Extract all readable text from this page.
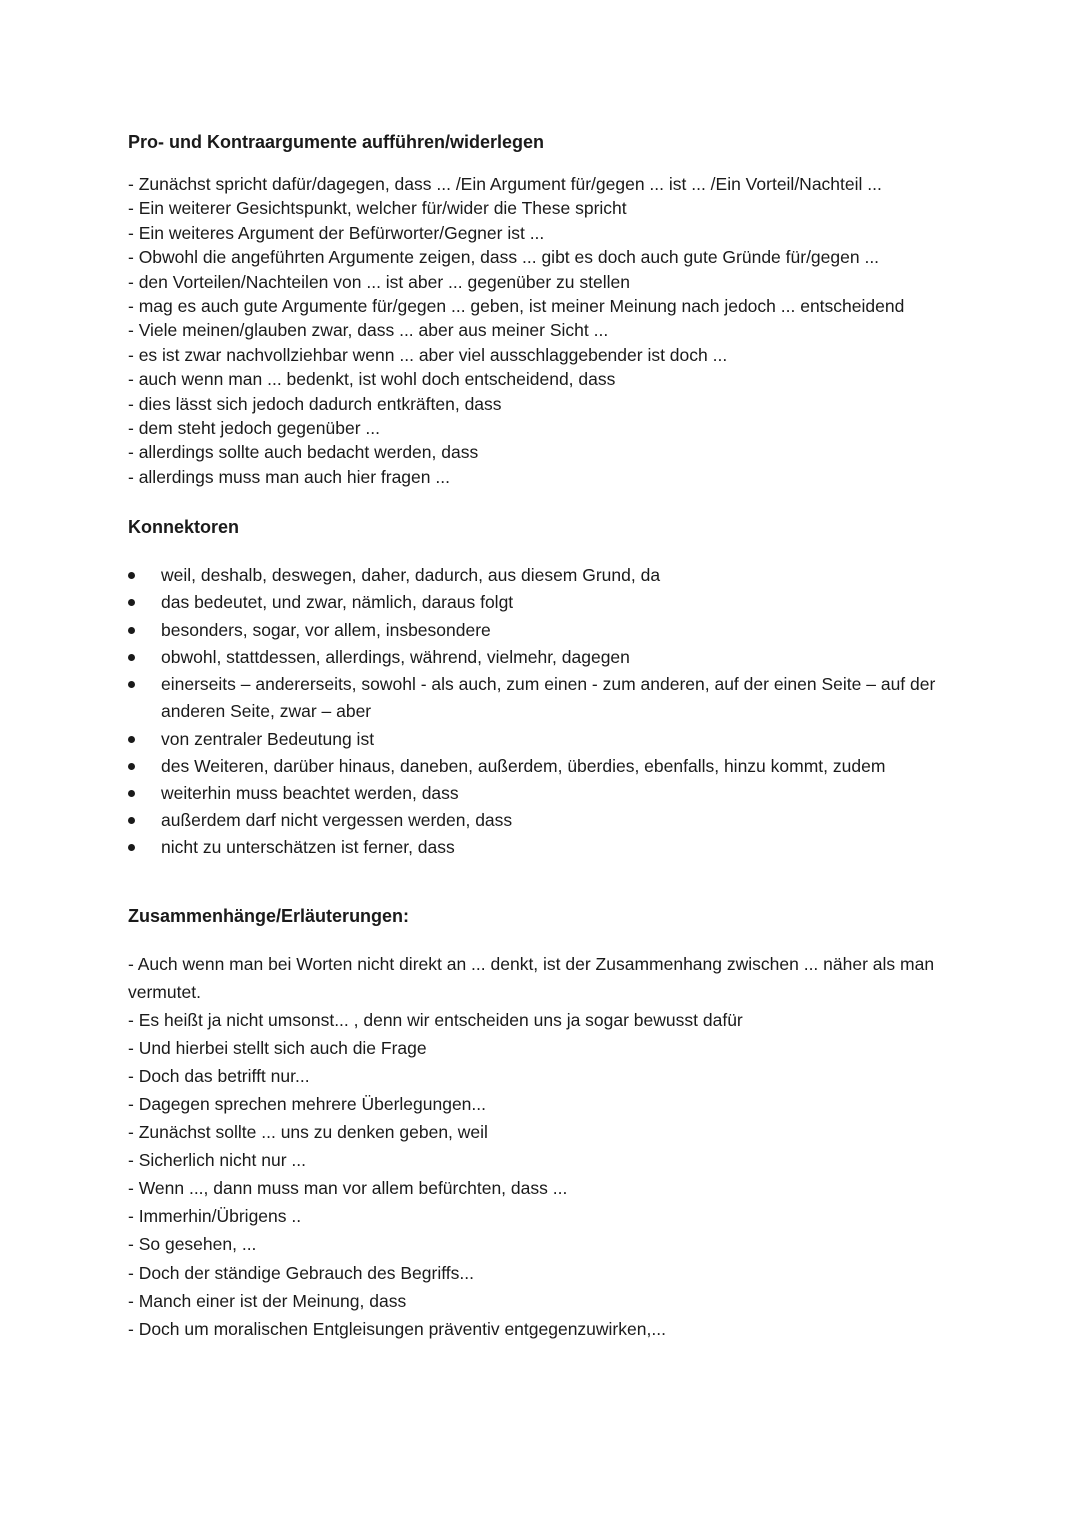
Pro- und Kontraargumente aufführen/widerlegen
- Zunächst spricht dafür/dagegen, dass ... /Ein Argument für/gegen ... ist ... /Ein Vorteil/Nachteil ...
- Ein weiterer Gesichtspunkt, welcher für/wider die These spricht
- Ein weiteres Argument der Befürworter/Gegner ist ...
- Obwohl die angeführten Argumente zeigen, dass ... gibt es doch auch gute Gründe für/gegen ...
- den Vorteilen/Nachteilen von ... ist aber ... gegenüber zu stellen
- mag es auch gute Argumente für/gegen ... geben, ist meiner Meinung nach jedoch ... entscheidend
- Viele meinen/glauben zwar, dass ... aber aus meiner Sicht ...
- es ist zwar nachvollziehbar wenn ... aber viel ausschlaggebender ist doch ...
- auch wenn man ... bedenkt, ist wohl doch entscheidend, dass
- dies lässt sich jedoch dadurch entkräften, dass
- dem steht jedoch gegenüber ...
- allerdings sollte auch bedacht werden, dass
- allerdings muss man auch hier fragen ...
Konnektoren
weil, deshalb, deswegen, daher, dadurch, aus diesem Grund, da
das bedeutet, und zwar, nämlich, daraus folgt
besonders, sogar, vor allem, insbesondere
obwohl, stattdessen, allerdings, während, vielmehr, dagegen
einerseits – andererseits, sowohl - als auch, zum einen - zum anderen, auf der einen Seite – auf der anderen Seite, zwar – aber
von zentraler Bedeutung ist
des Weiteren, darüber hinaus, daneben, außerdem, überdies, ebenfalls, hinzu kommt, zudem
weiterhin muss beachtet werden, dass
außerdem darf nicht vergessen werden, dass
nicht zu unterschätzen ist ferner, dass
Zusammenhänge/Erläuterungen:
- Auch wenn man bei Worten nicht direkt an ... denkt, ist der Zusammenhang zwischen ... näher als man vermutet.
- Es heißt ja nicht umsonst... , denn wir entscheiden uns ja sogar bewusst dafür
- Und hierbei stellt sich auch die Frage
- Doch das betrifft nur...
- Dagegen sprechen mehrere Überlegungen...
- Zunächst sollte ... uns zu denken geben, weil
- Sicherlich nicht nur ...
- Wenn ..., dann muss man vor allem befürchten, dass ...
- Immerhin/Übrigens ..
- So gesehen, ...
- Doch der ständige Gebrauch des Begriffs...
- Manch einer ist der Meinung, dass
- Doch um moralischen Entgleisungen präventiv entgegenzuwirken,...
